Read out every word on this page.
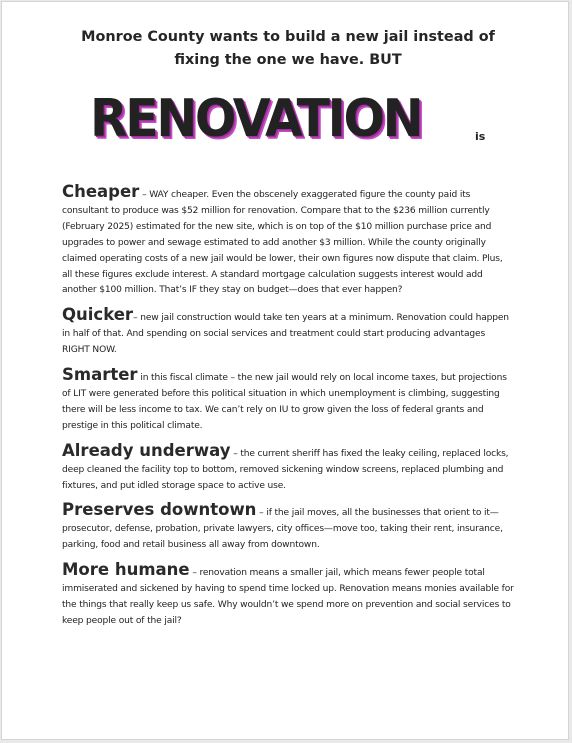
Monroe County wants to build a new jail instead of fixing the one we have. BUT
RENOVATION	is

Cheaper – WAY cheaper. Even the obscenely exaggerated figure the county paid its consultant to produce was $52 million for renovation. Compare that to the $236 million currently (February 2025) estimated for the new site, which is on top of the $10 million purchase price and upgrades to power and sewage estimated to add another $3 million. While the county originally claimed operating costs of a new jail would be lower, their own figures now dispute that claim. Plus, all these figures exclude interest. A standard mortgage calculation suggests interest would add another $100 million. That’s IF they stay on budget—does that ever happen?

Quicker– new jail construction would take ten years at a minimum. Renovation could happen in half of that. And spending on social services and treatment could start producing advantages RIGHT NOW.

Smarter in this fiscal climate – the new jail would rely on local income taxes, but projections of LIT were generated before this political situation in which unemployment is climbing, suggesting there will be less income to tax. We can’t rely on IU to grow given the loss of federal grants and prestige in this political climate.

Already underway – the current sheriff has fixed the leaky ceiling, replaced locks, deep cleaned the facility top to bottom, removed sickening window screens, replaced plumbing and fixtures, and put idled storage space to active use.

Preserves downtown – if the jail moves, all the businesses that orient to it—prosecutor, defense, probation, private lawyers, city offices—move too, taking their rent, insurance, parking, food and retail business all away from downtown.

More humane – renovation means a smaller jail, which means fewer people total immiserated and sickened by having to spend time locked up. Renovation means monies available for the things that really keep us safe. Why wouldn’t we spend more on prevention and social services to keep people out of the jail?
